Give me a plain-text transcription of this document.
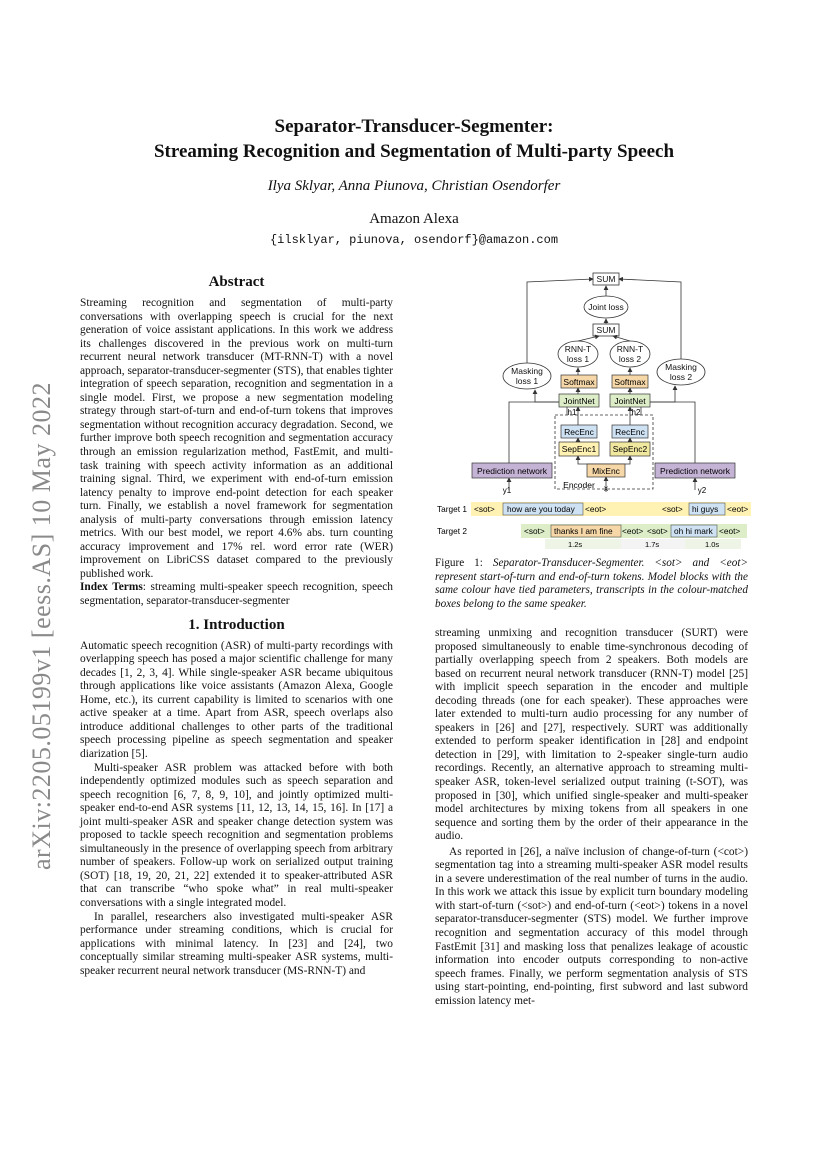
arXiv:2205.05199v1 [eess.AS] 10 May 2022
Separator-Transducer-Segmenter:
Streaming Recognition and Segmentation of Multi-party Speech
Ilya Sklyar, Anna Piunova, Christian Osendorfer
Amazon Alexa
{ilsklyar, piunova, osendorf}@amazon.com
Abstract

Streaming recognition and segmentation of multi-party conversations with overlapping speech is crucial for the next generation of voice assistant applications. In this work we address its challenges discovered in the previous work on multi-turn recurrent neural network transducer (MT-RNN-T) with a novel approach, separator-transducer-segmenter (STS), that enables tighter integration of speech separation, recognition and segmentation in a single model. First, we propose a new segmentation modeling strategy through start-of-turn and end-of-turn tokens that improves segmentation without recognition accuracy degradation. Second, we further improve both speech recognition and segmentation accuracy through an emission regularization method, FastEmit, and multi-task training with speech activity information as an additional training signal. Third, we experiment with end-of-turn emission latency penalty to improve end-point detection for each speaker turn. Finally, we establish a novel framework for segmentation analysis of multi-party conversations through emission latency metrics. With our best model, we report 4.6% abs. turn counting accuracy improvement and 17% rel. word error rate (WER) improvement on LibriCSS dataset compared to the previously published work.

Index Terms: streaming multi-speaker speech recognition, speech segmentation, separator-transducer-segmenter

1. Introduction

Automatic speech recognition (ASR) of multi-party recordings with overlapping speech has posed a major scientific challenge for many decades [1, 2, 3, 4]. While single-speaker ASR became ubiquitous through applications like voice assistants (Amazon Alexa, Google Home, etc.), its current capability is limited to scenarios with one active speaker at a time. Apart from ASR, speech overlaps also introduce additional challenges to other parts of the traditional speech processing pipeline as speech segmentation and speaker diarization [5].

Multi-speaker ASR problem was attacked before with both independently optimized modules such as speech separation and speech recognition [6, 7, 8, 9, 10], and jointly optimized multi-speaker end-to-end ASR systems [11, 12, 13, 14, 15, 16]. In [17] a joint multi-speaker ASR and speaker change detection system was proposed to tackle speech recognition and segmentation problems simultaneously in the presence of overlapping speech from arbitrary number of speakers. Follow-up work on serialized output training (SOT) [18, 19, 20, 21, 22] extended it to speaker-attributed ASR that can transcribe “who spoke what” in real multi-speaker conversations with a single integrated model.

In parallel, researchers also investigated multi-speaker ASR performance under streaming conditions, which is crucial for applications with minimal latency. In [23] and [24], two conceptually similar streaming multi-speaker ASR systems, multi-speaker recurrent neural network transducer (MS-RNN-T) and

SUM
Joint loss
SUM
RNN-T
loss 1
RNN-T
loss 2
Masking
loss 1
Masking
loss 2
Softmax Softmax
JointNet JointNet
h1	h2
RecEnc RecEnc
SepEnc1 SepEnc2
MixEnc
Encoder x
Prediction network	Prediction network
y1	y2
Target 1 <sot> how are you today <eot>	<sot> hi guys <eot>
Target 2	<sot> thanks I am fine <eot> <sot> oh hi mark <eot>
1.2s	1.7s	1.0s
Figure 1: Separator-Transducer-Segmenter. <sot> and <eot> represent start-of-turn and end-of-turn tokens. Model blocks with the same colour have tied parameters, transcripts in the colour-matched boxes belong to the same speaker.

streaming unmixing and recognition transducer (SURT) were proposed simultaneously to enable time-synchronous decoding of partially overlapping speech from 2 speakers. Both models are based on recurrent neural network transducer (RNN-T) model [25] with implicit speech separation in the encoder and multiple decoding threads (one for each speaker). These approaches were later extended to multi-turn audio processing for any number of speakers in [26] and [27], respectively. SURT was additionally extended to perform speaker identification in [28] and endpoint detection in [29], with limitation to 2-speaker single-turn audio recordings. Recently, an alternative approach to streaming multi-speaker ASR, token-level serialized output training (t-SOT), was proposed in [30], which unified single-speaker and multi-speaker model architectures by mixing tokens from all speakers in one sequence and sorting them by the order of their appearance in the audio.

As reported in [26], a naïve inclusion of change-of-turn (<cot>) segmentation tag into a streaming multi-speaker ASR model results in a severe underestimation of the real number of turns in the audio. In this work we attack this issue by explicit turn boundary modeling with start-of-turn (<sot>) and end-of-turn (<eot>) tokens in a novel separator-transducer-segmenter (STS) model. We further improve recognition and segmentation accuracy of this model through FastEmit [31] and masking loss that penalizes leakage of acoustic information into encoder outputs corresponding to non-active speech frames. Finally, we perform segmentation analysis of STS using start-pointing, end-pointing, first subword and last subword emission latency met-
